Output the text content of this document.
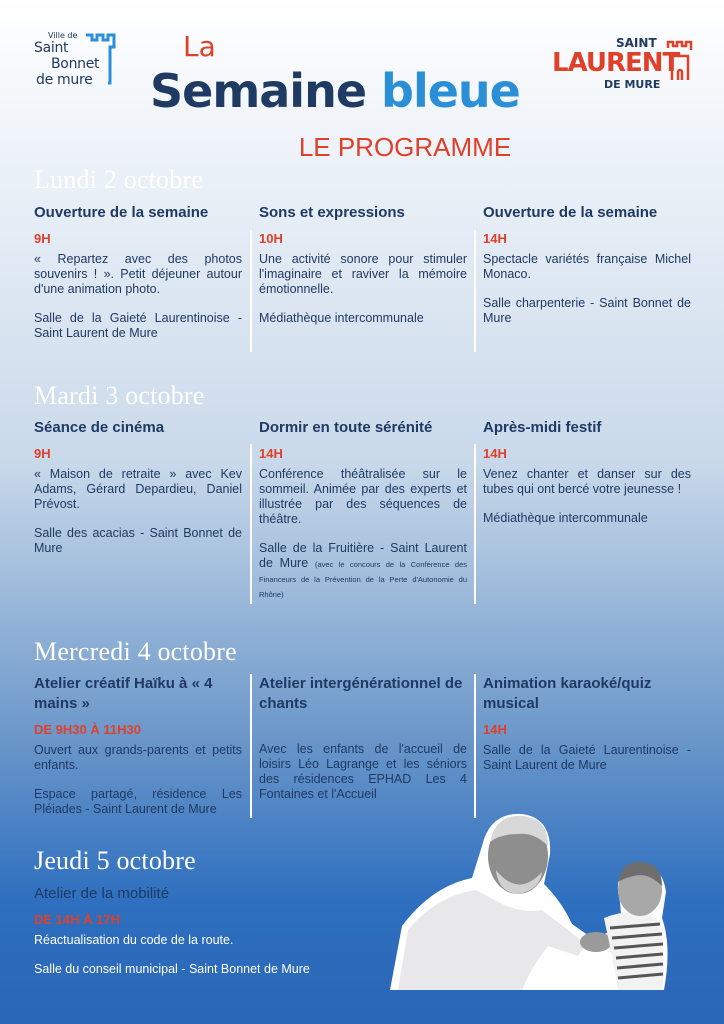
Ville de
Saint
Bonnet
de mure
SAINT
LAURENT
DE MURE
La
Semaine bleue
LE PROGRAMME
Lundi 2 octobre
Ouverture de la semaine
9H

« Repartez avec des photos souvenirs ! ». Petit déjeuner autour d'une animation photo.

Salle de la Gaieté Laurentinoise - Saint Laurent de Mure

Sons et expressions
10H

Une activité sonore pour stimuler l'imaginaire et raviver la mémoire émotionnelle.

Médiathèque intercommunale

Ouverture de la semaine
14H

Spectacle variétés française Michel Monaco.

Salle charpenterie - Saint Bonnet de Mure

Mardi 3 octobre
Séance de cinéma
9H

« Maison de retraite » avec Kev Adams, Gérard Depardieu, Daniel Prévost.

Salle des acacias - Saint Bonnet de Mure

Dormir en toute sérénité
14H

Conférence théâtralisée sur le sommeil. Animée par des experts et illustrée par des séquences de théâtre.

Salle de la Fruitière - Saint Laurent de Mure (avec le concours de la Conférence des Financeurs de la Prévention de la Perte d'Autonomie du Rhône)

Après-midi festif
14H

Venez chanter et danser sur des tubes qui ont bercé votre jeunesse !

Médiathèque intercommunale

Mercredi 4 octobre
Atelier créatif Haïku à « 4 mains »
DE 9H30 À 11H30

Ouvert aux grands-parents et petits enfants.

Espace partagé, résidence Les Pléiades - Saint Laurent de Mure

Atelier intergénérationnel de chants

Avec les enfants de l'accueil de loisirs Léo Lagrange et les séniors des résidences EPHAD Les 4 Fontaines et l'Accueil

Animation karaoké/quiz musical
14H

Salle de la Gaieté Laurentinoise - Saint Laurent de Mure

Jeudi 5 octobre
Atelier de la mobilité
DE 14H À 17H

Réactualisation du code de la route.

Salle du conseil municipal - Saint Bonnet de Mure
